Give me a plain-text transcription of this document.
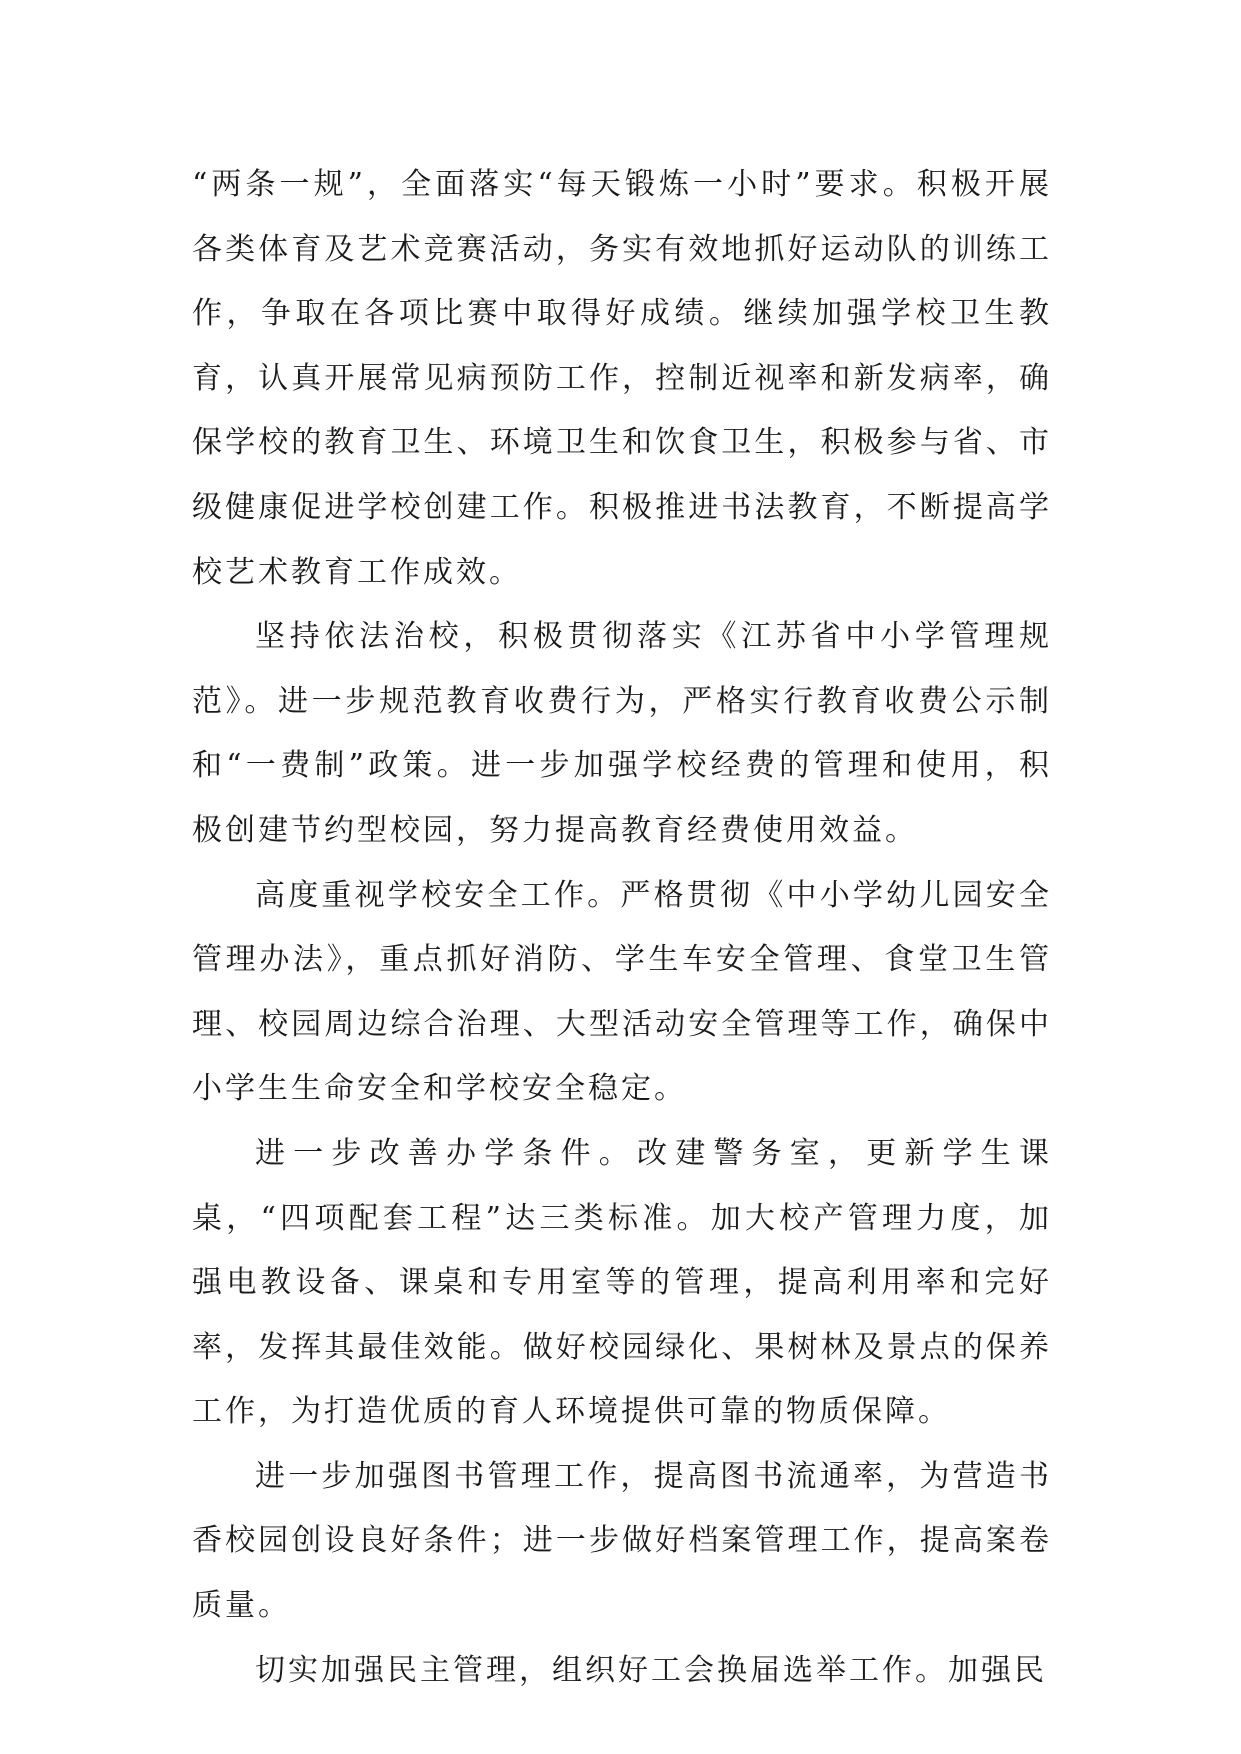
“两条一规”，全面落实“每天锻炼一小时”要求。积极开展各类体育及艺术竞赛活动，务实有效地抓好运动队的训练工作，争取在各项比赛中取得好成绩。继续加强学校卫生教育，认真开展常见病预防工作，控制近视率和新发病率，确保学校的教育卫生、环境卫生和饮食卫生，积极参与省、市级健康促进学校创建工作。积极推进书法教育，不断提高学校艺术教育工作成效。

坚持依法治校，积极贯彻落实《江苏省中小学管理规范》。进一步规范教育收费行为，严格实行教育收费公示制和“一费制”政策。进一步加强学校经费的管理和使用，积极创建节约型校园，努力提高教育经费使用效益。

高度重视学校安全工作。严格贯彻《中小学幼儿园安全管理办法》，重点抓好消防、学生车安全管理、食堂卫生管理、校园周边综合治理、大型活动安全管理等工作，确保中小学生生命安全和学校安全稳定。

进一步改善办学条件。改建警务室，更新学生课桌，“四项配套工程”达三类标准。加大校产管理力度，加强电教设备、课桌和专用室等的管理，提高利用率和完好率，发挥其最佳效能。做好校园绿化、果树林及景点的保养工作，为打造优质的育人环境提供可靠的物质保障。

进一步加强图书管理工作，提高图书流通率，为营造书香校园创设良好条件；进一步做好档案管理工作，提高案卷质量。

切实加强民主管理，组织好工会换届选举工作。加强民
